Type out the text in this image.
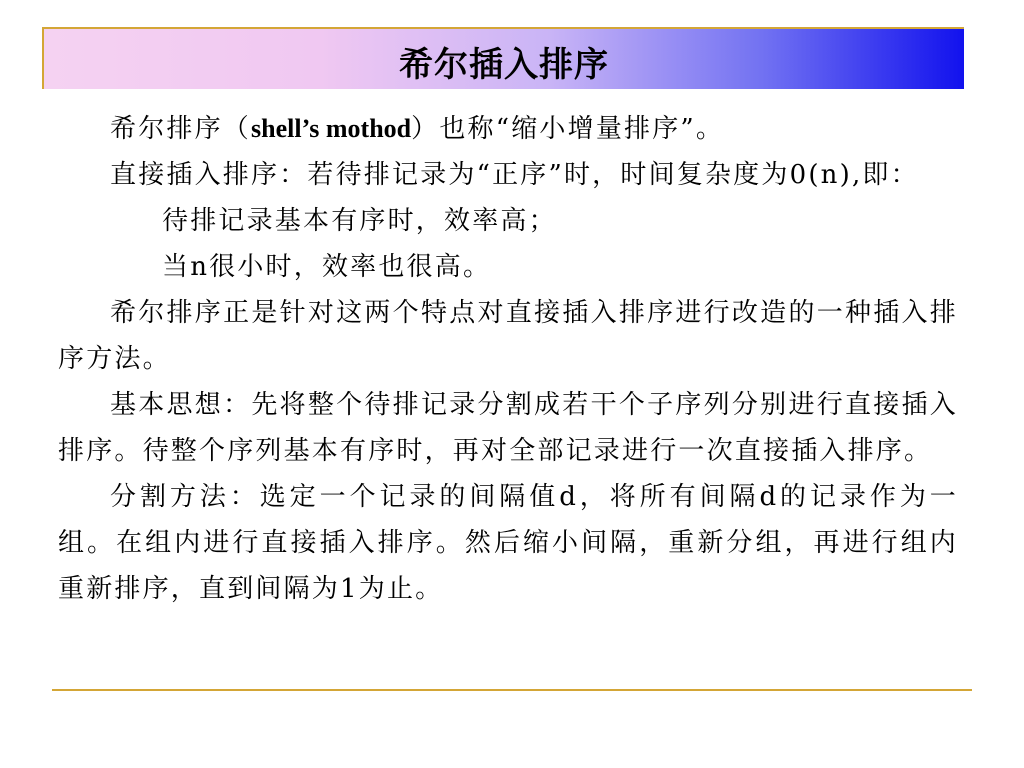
希尔插入排序

希尔排序（shell’s mothod）也称“缩小增量排序”。

直接插入排序：若待排记录为“正序”时，时间复杂度为0(n),即：

待排记录基本有序时，效率高；

当n很小时，效率也很高。

希尔排序正是针对这两个特点对直接插入排序进行改造的一种插入排序方法。

基本思想：先将整个待排记录分割成若干个子序列分别进行直接插入排序。待整个序列基本有序时，再对全部记录进行一次直接插入排序。

分割方法：选定一个记录的间隔值d，将所有间隔d的记录作为一组。在组内进行直接插入排序。然后缩小间隔，重新分组，再进行组内重新排序，直到间隔为1为止。
